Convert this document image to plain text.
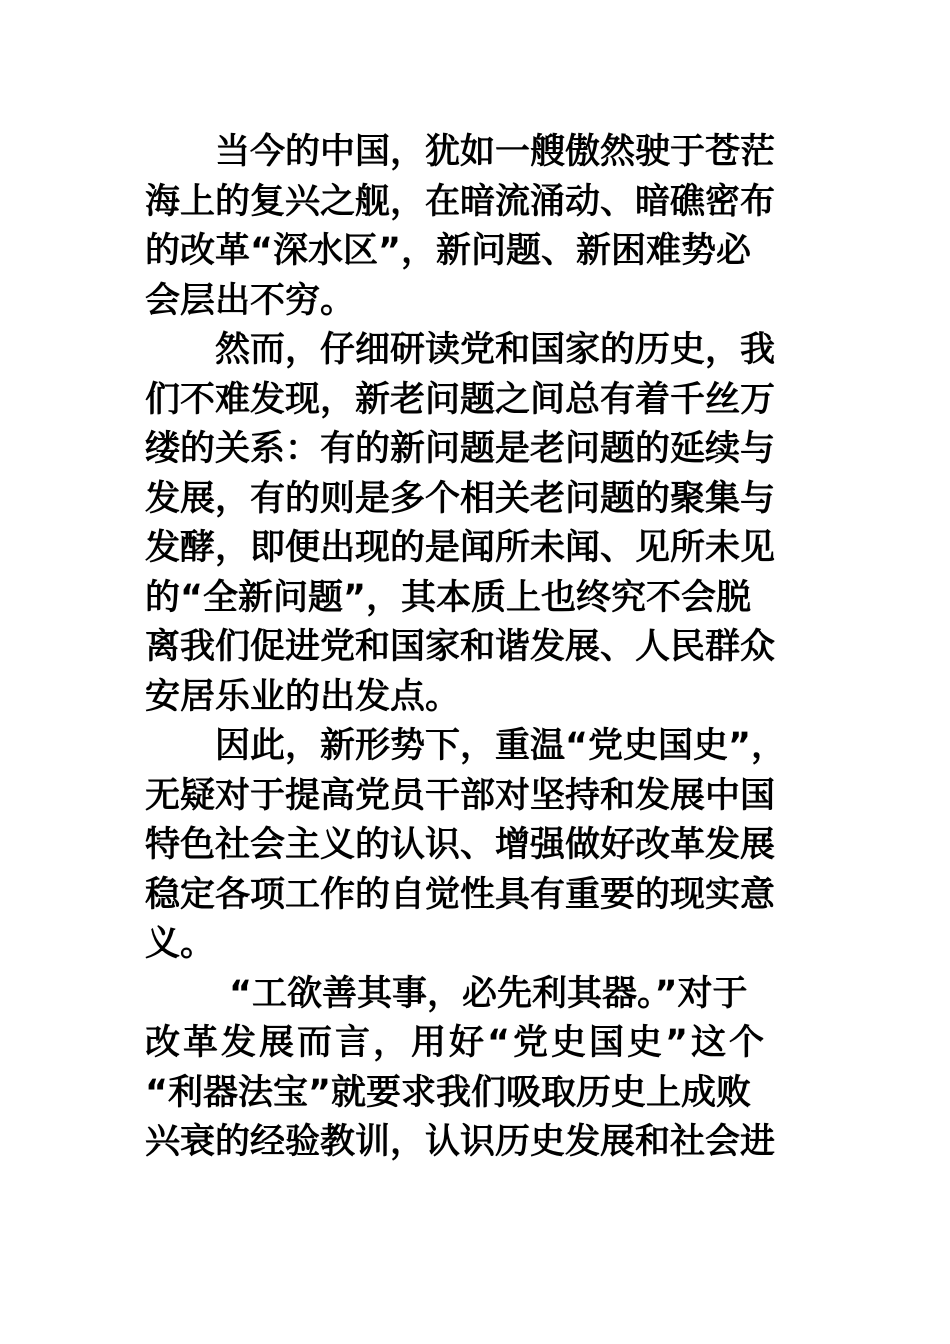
当今的中国，犹如一艘傲然驶于苍茫
海上的复兴之舰，在暗流涌动、暗礁密布
的改革“深水区”，新问题、新困难势必
会层出不穷。
然而，仔细研读党和国家的历史，我
们不难发现，新老问题之间总有着千丝万
缕的关系：有的新问题是老问题的延续与
发展，有的则是多个相关老问题的聚集与
发酵，即便出现的是闻所未闻、见所未见
的“全新问题”，其本质上也终究不会脱
离我们促进党和国家和谐发展、人民群众
安居乐业的出发点。
因此，新形势下，重温“党史国史”，
无疑对于提高党员干部对坚持和发展中国
特色社会主义的认识、增强做好改革发展
稳定各项工作的自觉性具有重要的现实意
义。
“工欲善其事，必先利其器。”对于
改革发展而言，用好“党史国史”这个
“利器法宝”就要求我们吸取历史上成败
兴衰的经验教训，认识历史发展和社会进
